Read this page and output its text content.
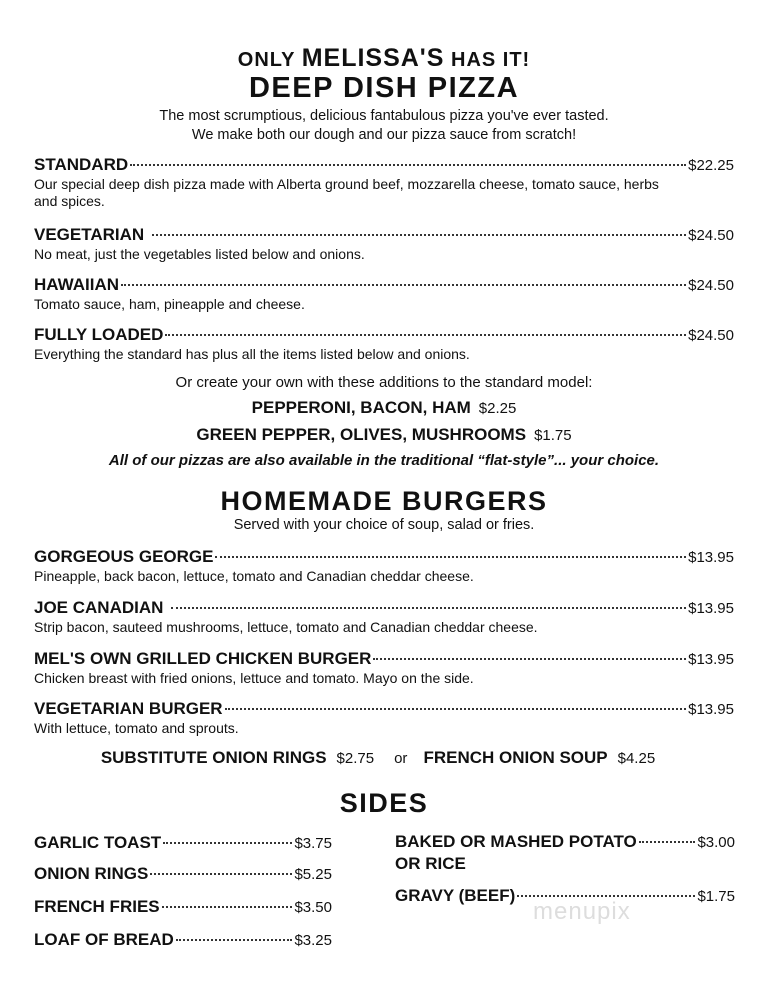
ONLY MELISSA'S HAS IT!
DEEP DISH PIZZA
The most scrumptious, delicious fantabulous pizza you've ever tasted.
We make both our dough and our pizza sauce from scratch!
STANDARD	$22.25
Our special deep dish pizza made with Alberta ground beef, mozzarella cheese, tomato sauce, herbs and spices.
VEGETARIAN	$24.50
No meat, just the vegetables listed below and onions.
HAWAIIAN	$24.50
Tomato sauce, ham, pineapple and cheese.
FULLY LOADED	$24.50
Everything the standard has plus all the items listed below and onions.
Or create your own with these additions to the standard model:
PEPPERONI, BACON, HAM $2.25
GREEN PEPPER, OLIVES, MUSHROOMS $1.75
All of our pizzas are also available in the traditional “flat-style”... your choice.
HOMEMADE BURGERS
Served with your choice of soup, salad or fries.
GORGEOUS GEORGE	$13.95
Pineapple, back bacon, lettuce, tomato and Canadian cheddar cheese.
JOE CANADIAN	$13.95
Strip bacon, sauteed mushrooms, lettuce, tomato and Canadian cheddar cheese.
MEL'S OWN GRILLED CHICKEN BURGER	$13.95
Chicken breast with fried onions, lettuce and tomato. Mayo on the side.
VEGETARIAN BURGER	$13.95
With lettuce, tomato and sprouts.
SUBSTITUTE ONION RINGS $2.75 or FRENCH ONION SOUP $4.25
SIDES
GARLIC TOAST	$3.75
ONION RINGS	$5.25
FRENCH FRIES	$3.50
LOAF OF BREAD	$3.25
BAKED OR MASHED POTATO	$3.00
OR RICE
GRAVY (BEEF)	$1.75
menupix
